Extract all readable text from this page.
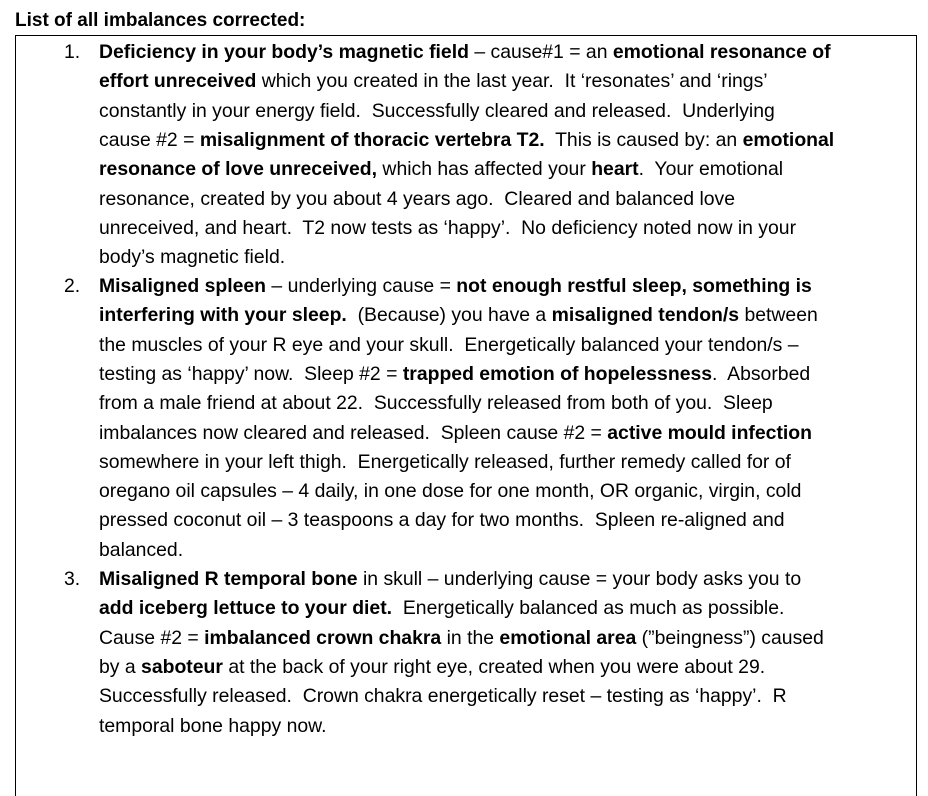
List of all imbalances corrected:
1. Deficiency in your body’s magnetic field – cause#1 = an emotional resonance of
effort unreceived which you created in the last year.  It ‘resonates’ and ‘rings’
constantly in your energy field.  Successfully cleared and released.  Underlying
cause #2 = misalignment of thoracic vertebra T2.  This is caused by: an emotional
resonance of love unreceived, which has affected your heart.  Your emotional
resonance, created by you about 4 years ago.  Cleared and balanced love
unreceived, and heart.  T2 now tests as ‘happy’.  No deficiency noted now in your
body’s magnetic field.
2. Misaligned spleen – underlying cause = not enough restful sleep, something is
interfering with your sleep.  (Because) you have a misaligned tendon/s between
the muscles of your R eye and your skull.  Energetically balanced your tendon/s –
testing as ‘happy’ now.  Sleep #2 = trapped emotion of hopelessness.  Absorbed
from a male friend at about 22.  Successfully released from both of you.  Sleep
imbalances now cleared and released.  Spleen cause #2 = active mould infection
somewhere in your left thigh.  Energetically released, further remedy called for of
oregano oil capsules – 4 daily, in one dose for one month, OR organic, virgin, cold
pressed coconut oil – 3 teaspoons a day for two months.  Spleen re-aligned and
balanced.
3. Misaligned R temporal bone in skull – underlying cause = your body asks you to
add iceberg lettuce to your diet.  Energetically balanced as much as possible.
Cause #2 = imbalanced crown chakra in the emotional area (”beingness”) caused
by a saboteur at the back of your right eye, created when you were about 29.
Successfully released.  Crown chakra energetically reset – testing as ‘happy’.  R
temporal bone happy now.
